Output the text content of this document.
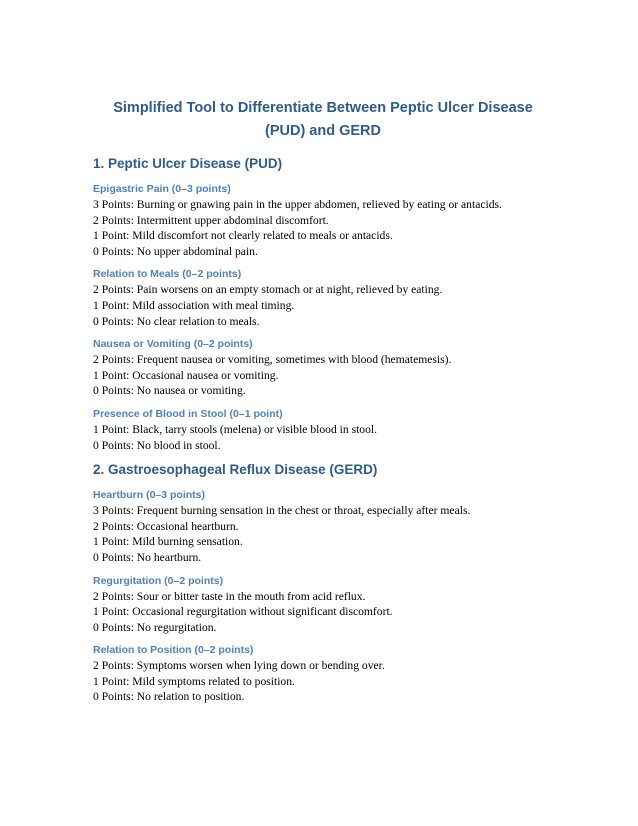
Simplified Tool to Differentiate Between Peptic Ulcer Disease (PUD) and GERD
1. Peptic Ulcer Disease (PUD)
Epigastric Pain (0–3 points)
3 Points: Burning or gnawing pain in the upper abdomen, relieved by eating or antacids.
2 Points: Intermittent upper abdominal discomfort.
1 Point: Mild discomfort not clearly related to meals or antacids.
0 Points: No upper abdominal pain.
Relation to Meals (0–2 points)
2 Points: Pain worsens on an empty stomach or at night, relieved by eating.
1 Point: Mild association with meal timing.
0 Points: No clear relation to meals.
Nausea or Vomiting (0–2 points)
2 Points: Frequent nausea or vomiting, sometimes with blood (hematemesis).
1 Point: Occasional nausea or vomiting.
0 Points: No nausea or vomiting.
Presence of Blood in Stool (0–1 point)
1 Point: Black, tarry stools (melena) or visible blood in stool.
0 Points: No blood in stool.
2. Gastroesophageal Reflux Disease (GERD)
Heartburn (0–3 points)
3 Points: Frequent burning sensation in the chest or throat, especially after meals.
2 Points: Occasional heartburn.
1 Point: Mild burning sensation.
0 Points: No heartburn.
Regurgitation (0–2 points)
2 Points: Sour or bitter taste in the mouth from acid reflux.
1 Point: Occasional regurgitation without significant discomfort.
0 Points: No regurgitation.
Relation to Position (0–2 points)
2 Points: Symptoms worsen when lying down or bending over.
1 Point: Mild symptoms related to position.
0 Points: No relation to position.
